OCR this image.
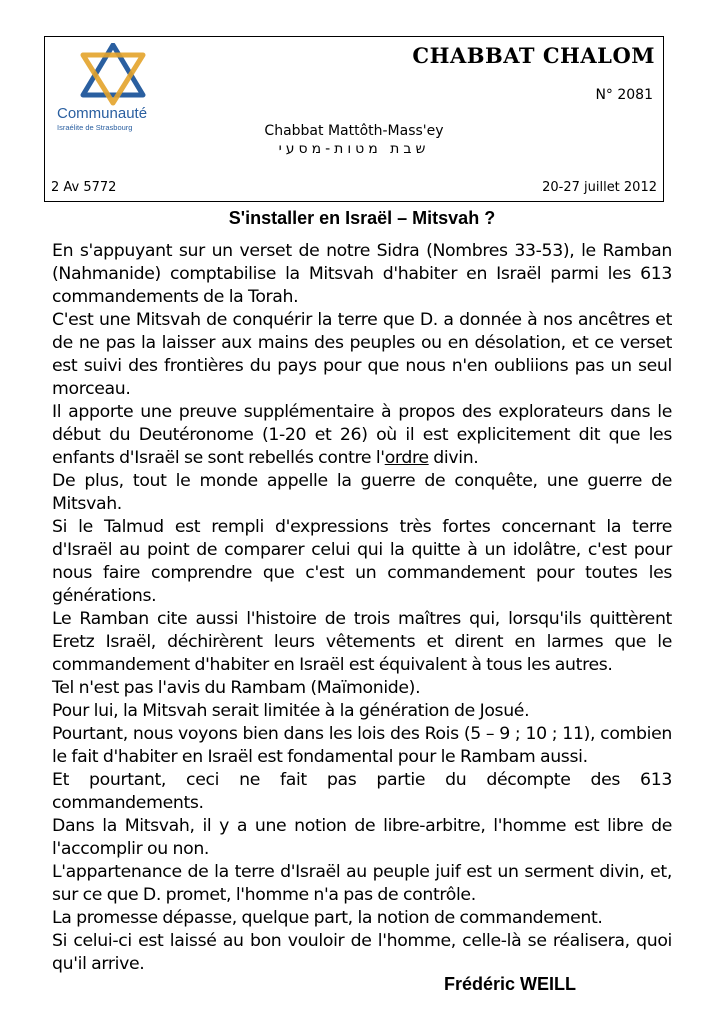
Communauté
Israélite de Strasbourg
CHABBAT CHALOM
N° 2081
Chabbat Mattôth-Mass'ey
שבת מטות-מסעי
2 Av 5772	20-27 juillet 2012
S'installer en Israël – Mitsvah ?

En s'appuyant sur un verset de notre Sidra (Nombres 33-53), le Ramban (Nahmanide) comptabilise la Mitsvah d'habiter en Israël parmi les 613 commandements de la Torah.

C'est une Mitsvah de conquérir la terre que D. a donnée à nos ancêtres et de ne pas la laisser aux mains des peuples ou en désolation, et ce verset est suivi des frontières du pays pour que nous n'en oubliions pas un seul morceau.

Il apporte une preuve supplémentaire à propos des explorateurs dans le début du Deutéronome (1-20 et 26) où il est explicitement dit que les enfants d'Israël se sont rebellés contre l'ordre divin.

De plus, tout le monde appelle la guerre de conquête, une guerre de Mitsvah.

Si le Talmud est rempli d'expressions très fortes concernant la terre d'Israël au point de comparer celui qui la quitte à un idolâtre, c'est pour nous faire comprendre que c'est un commandement pour toutes les générations.

Le Ramban cite aussi l'histoire de trois maîtres qui, lorsqu'ils quittèrent Eretz Israël, déchirèrent leurs vêtements et dirent en larmes que le commandement d'habiter en Israël est équivalent à tous les autres.

Tel n'est pas l'avis du Rambam (Maïmonide).

Pour lui, la Mitsvah serait limitée à la génération de Josué.

Pourtant, nous voyons bien dans les lois des Rois (5 – 9 ; 10 ; 11), combien le fait d'habiter en Israël est fondamental pour le Rambam aussi.

Et pourtant, ceci ne fait pas partie du décompte des 613 commandements.

Dans la Mitsvah, il y a une notion de libre-arbitre, l'homme est libre de l'accomplir ou non.

L'appartenance de la terre d'Israël au peuple juif est un serment divin, et, sur ce que D. promet, l'homme n'a pas de contrôle.

La promesse dépasse, quelque part, la notion de commandement.

Si celui-ci est laissé au bon vouloir de l'homme, celle-là se réalisera, quoi qu'il arrive.

Frédéric WEILL
